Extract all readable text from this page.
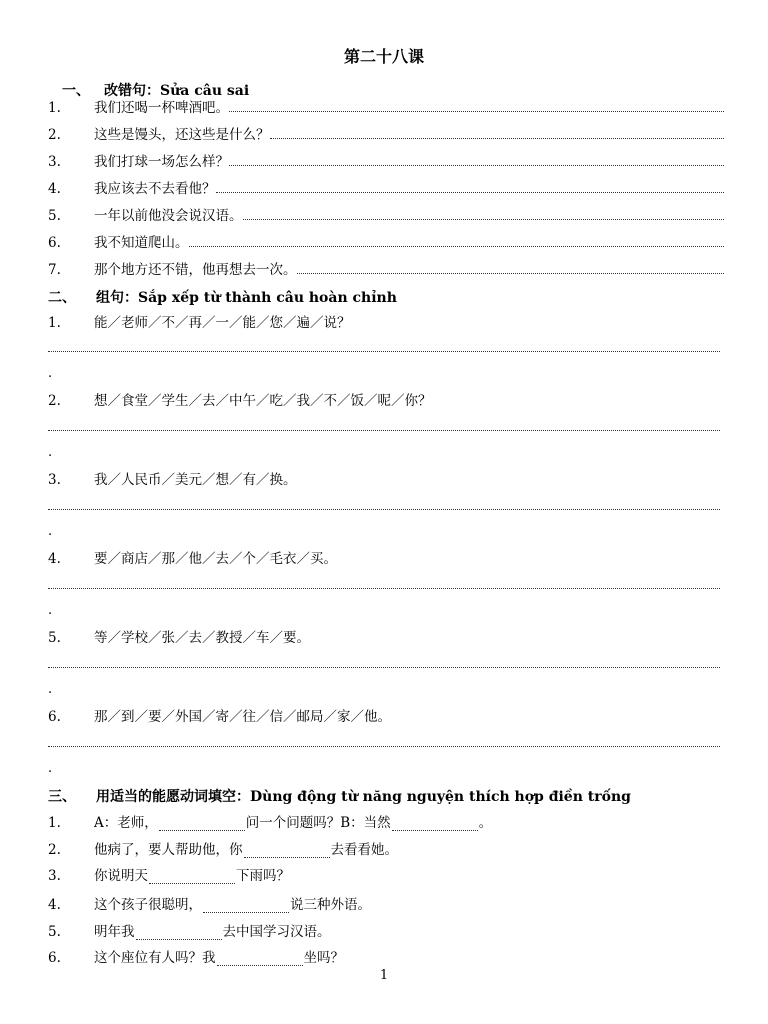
第二十八课
一、 改错句：Sửa câu sai
1.	我们还喝一杯啤酒吧。
2.	这些是馒头，还这些是什么？
3.	我们打球一场怎么样？
4.	我应该去不去看他？
5.	一年以前他没会说汉语。
6.	我不知道爬山。
7.	那个地方还不错，他再想去一次。
二、 组句：Sắp xếp từ thành câu hoàn chỉnh
1.	能／老师／不／再／一／能／您／遍／说？
.
2.	想／食堂／学生／去／中午／吃／我／不／饭／呢／你？
.
3.	我／人民币／美元／想／有／换。
.
4.	要／商店／那／他／去／个／毛衣／买。
.
5.	等／学校／张／去／教授／车／要。
.
6.	那／到／要／外国／寄／往／信／邮局／家／他。
.
三、 用适当的能愿动词填空：Dùng động từ năng nguyện thích hợp điền trống
1.	A：老师，	问一个问题吗？B：当然	。
2.	他病了，要人帮助他，你	去看看她。
3.	你说明天	下雨吗？
4.	这个孩子很聪明，	说三种外语。
5.	明年我	去中国学习汉语。
6.	这个座位有人吗？我	坐吗？
1
